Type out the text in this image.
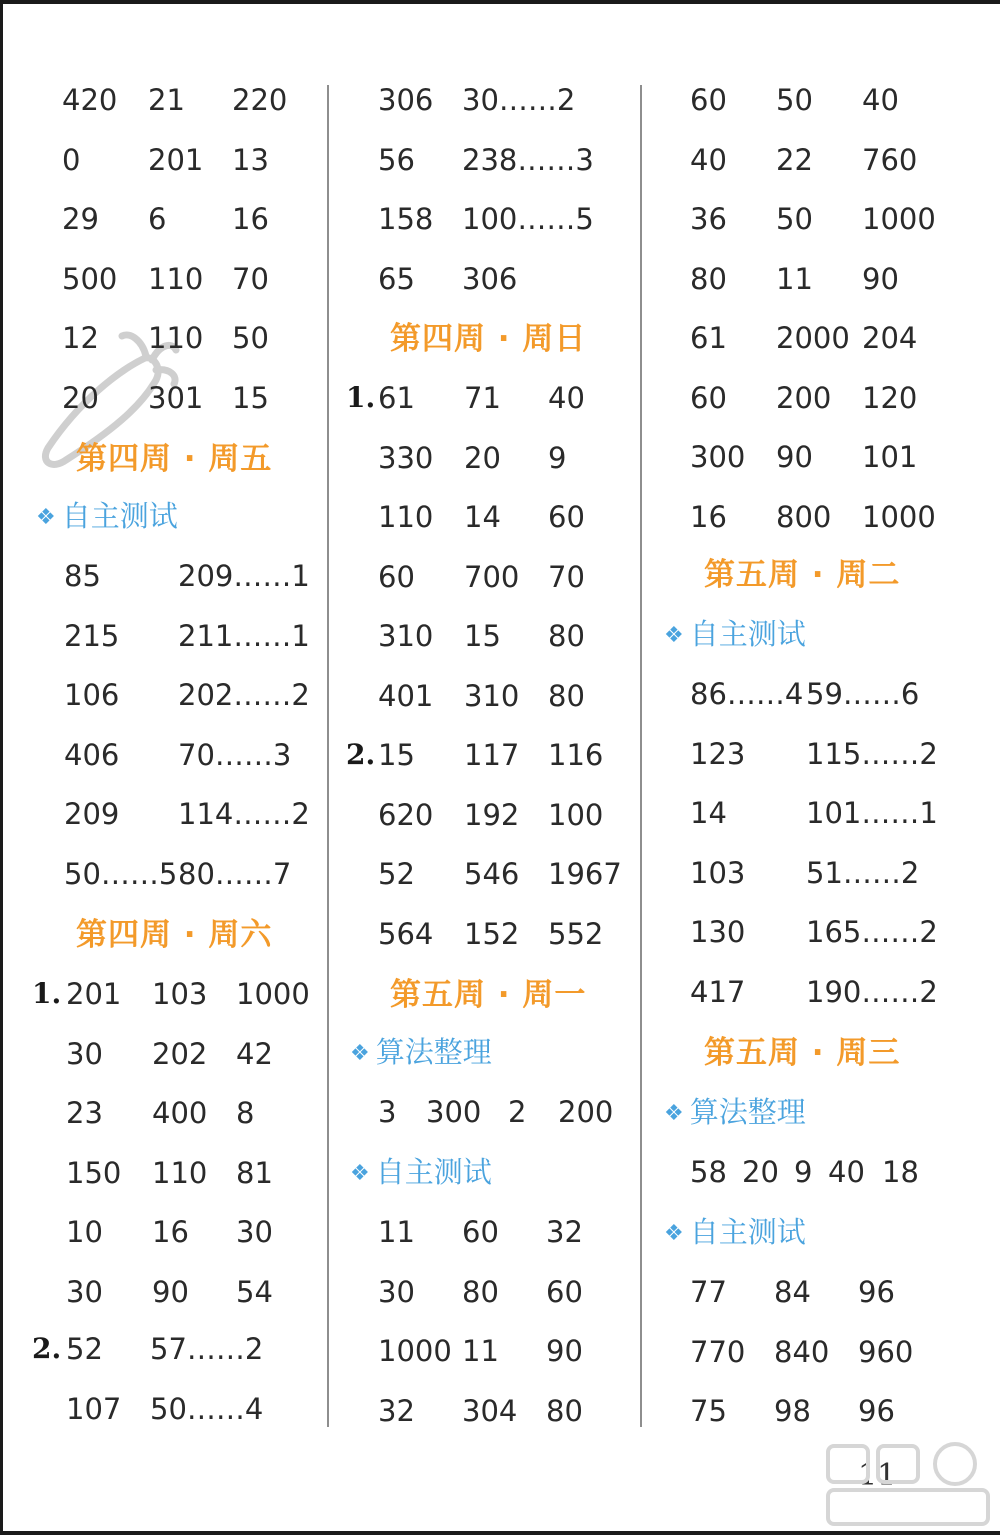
420 21 220
0 201 13
29 6 16
500 110 70
12 110 50
20 301 15
第四周 · 周五
❖ 自主测试
85	209……1
215 211……1
106 202……2
406 70……3
209 114……2
50……5 80……7
第四周 · 周六
1. 201 103 1000
30 202 42
23 400 8
150 110 81
10 16 30
30 90 54
2. 52 57……2
107 50……4
306 30……2
56 238……3
158 100……5
65 306
第四周 · 周日
1. 61 71 40
330 20 9
110 14 60
60 700 70
310 15 80
401 310 80
2. 15 117 116
620 192 100
52 546 1967
564 152 552
第五周 · 周一
❖ 算法整理
3 300 2 200
❖ 自主测试
11 60 32
30 80 60
1000 11 90
32 304 80
60 50 40
40 22 760
36 50 1000
80 11 90
61 2000 204
60 200 120
300 90 101
16 800 1000
第五周 · 周二
❖ 自主测试
86……4 59……6
123 115……2
14	101……1
103 51……2
130 165……2
417 190……2
第五周 · 周三
❖ 算法整理
58 20 9 40 18
❖ 自主测试
77 84 96
770 840 960
75 98 96
11
